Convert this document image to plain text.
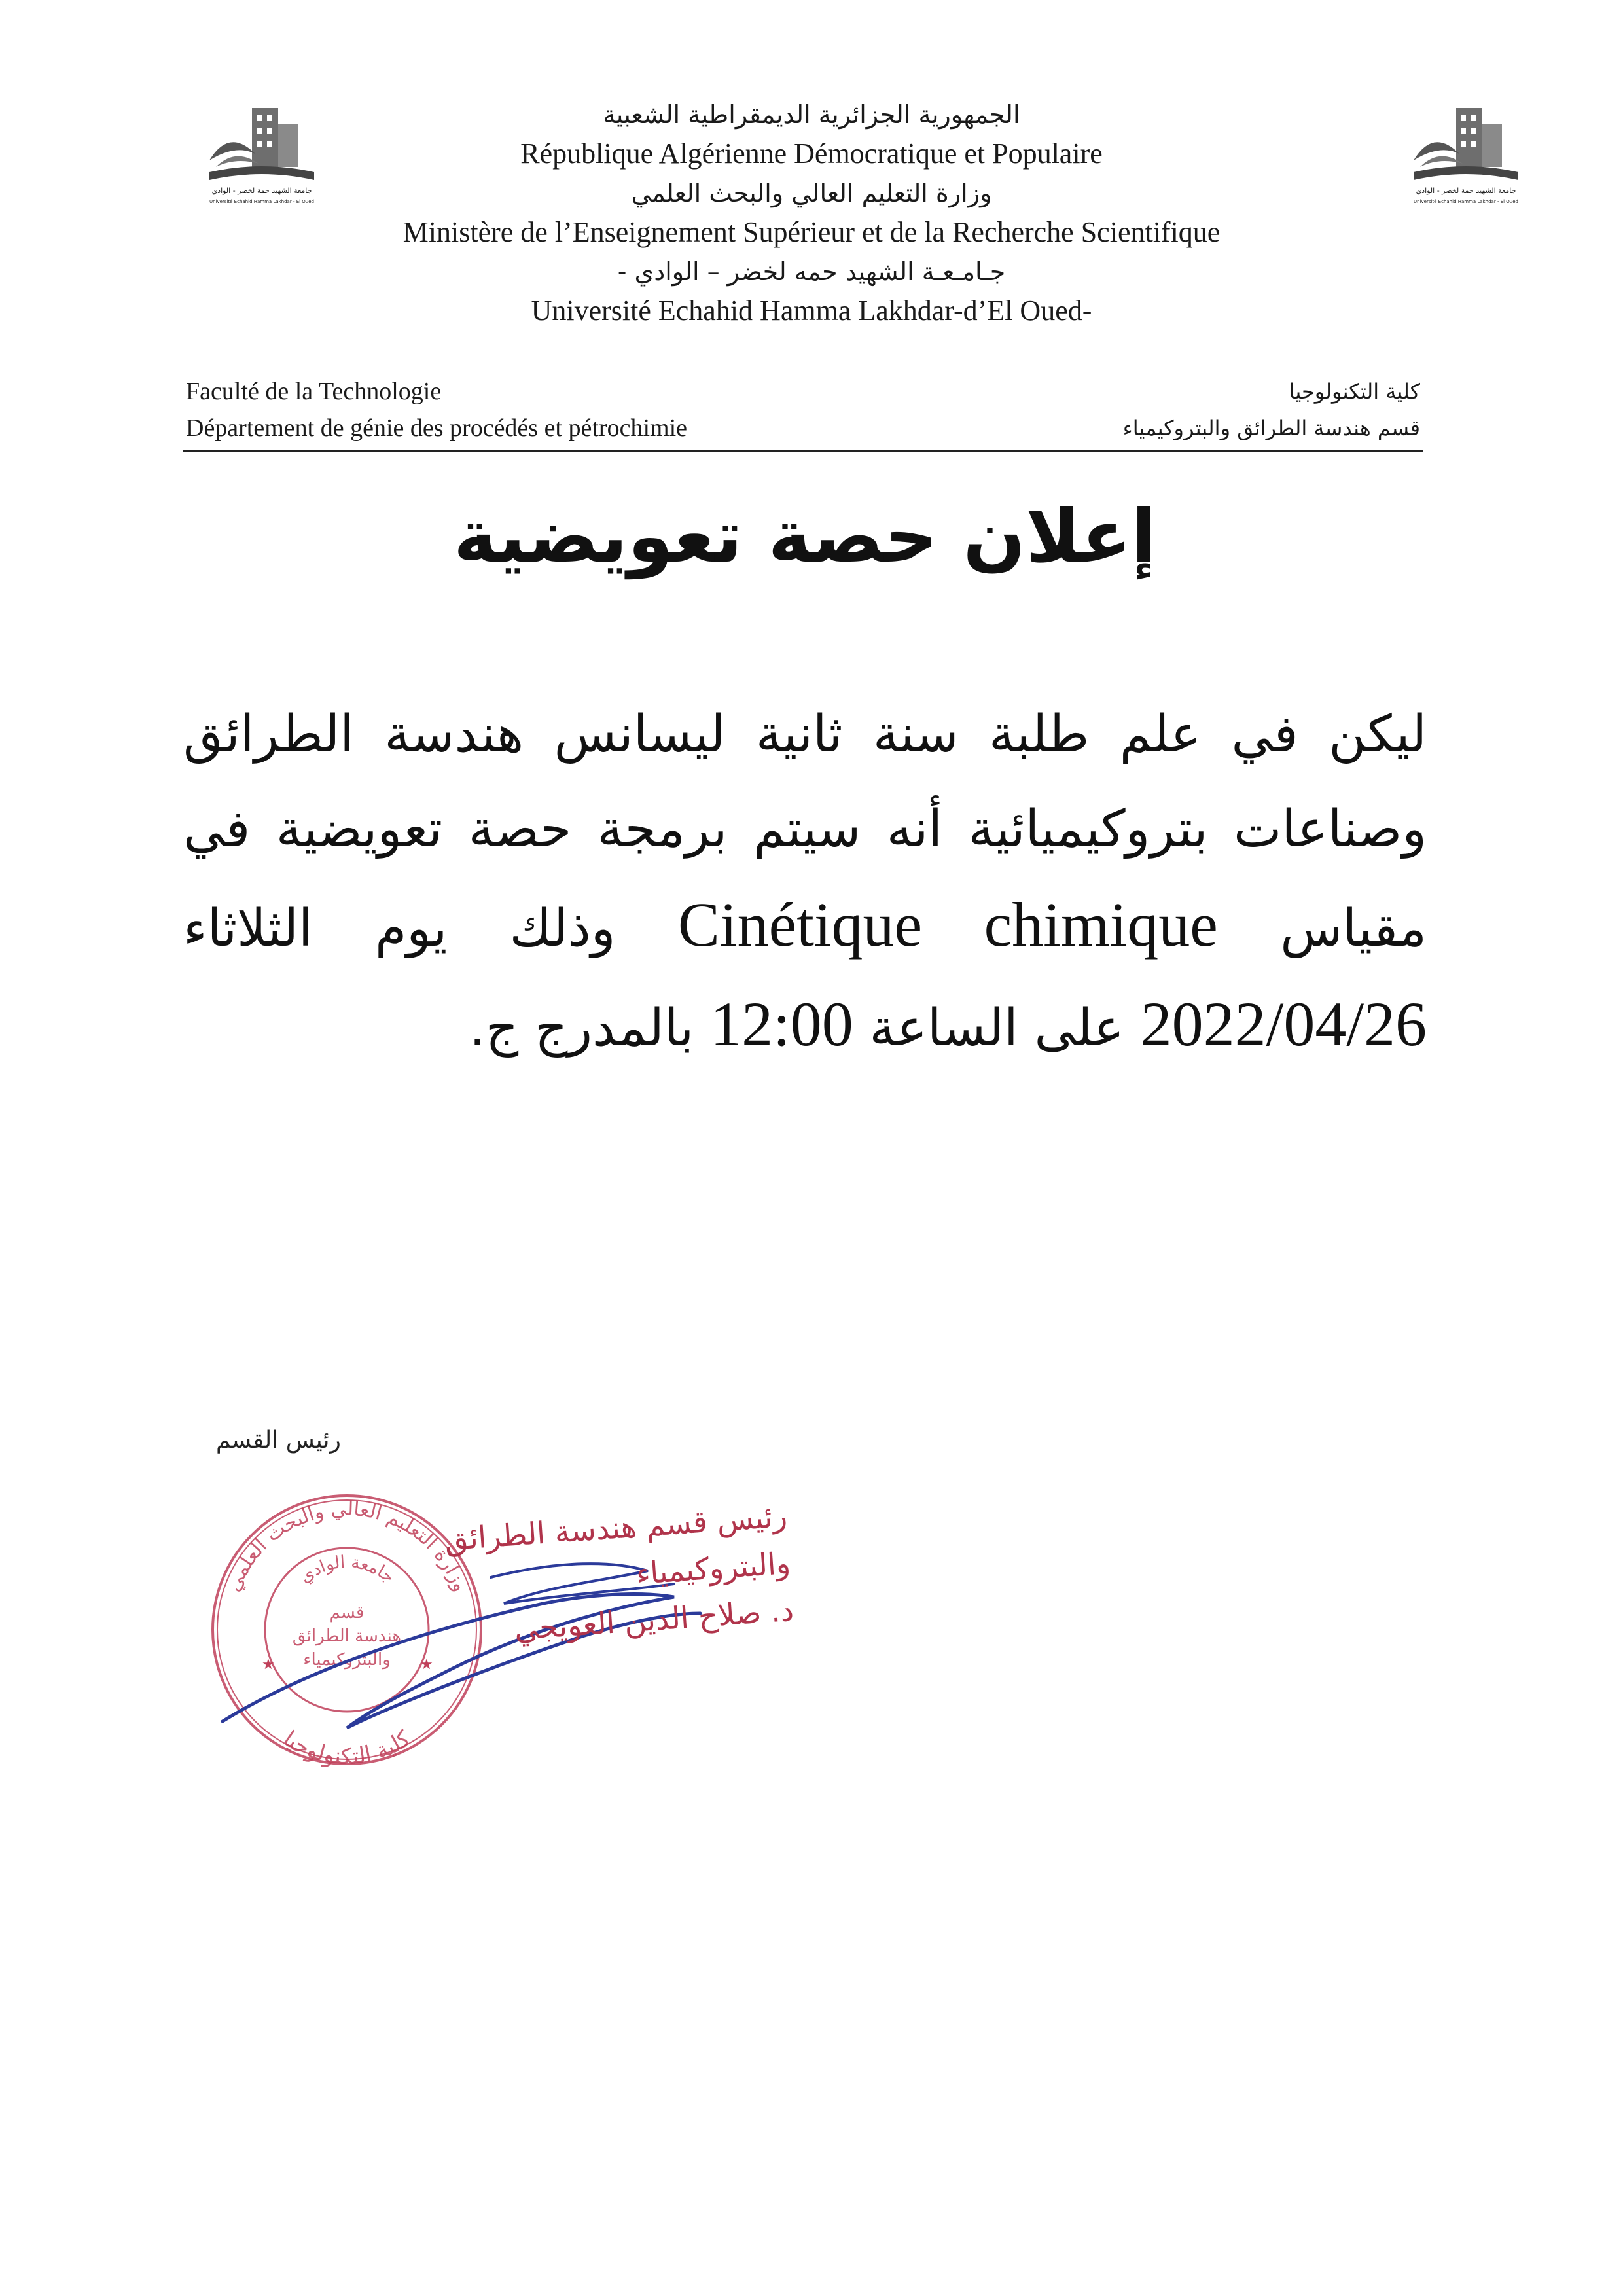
جامعة الشهيد حمة لخضر - الوادي
Université Echahid Hamma Lakhdar - El Oued
جامعة الشهيد حمة لخضر - الوادي
Université Echahid Hamma Lakhdar - El Oued

الجمهورية الجزائرية الديمقراطية الشعبية

République Algérienne Démocratique et Populaire

وزارة التعليم العالي والبحث العلمي

Ministère de l’Enseignement Supérieur et de la Recherche Scientifique

جـامـعـة الشهيد حمه لخضر – الوادي -

Université Echahid Hamma Lakhdar-d’El Oued-

Faculté de la Technologie
Département de génie des procédés et pétrochimie
كلية التكنولوجيا
قسم هندسة الطرائق والبتروكيمياء
إعلان حصة تعويضية
ليكن في علم طلبة سنة ثانية ليسانس هندسة الطرائق وصناعات بتروكيميائية أنه سيتم برمجة حصة تعويضية في مقياس Cinétique chimique وذلك يوم الثلاثاء 2022/04/26 على الساعة 12:00 بالمدرج ج.
رئيس القسم
وزارة التعليم العالي والبحث العلمي
كلية التكنولوجيا
جامعة الوادي
قسم
هندسة الطرائق
والبتروكيمياء
★	★
رئيس قسم هندسة الطرائق
والبتروكيمياء
د. صلاح الدين العويجي
